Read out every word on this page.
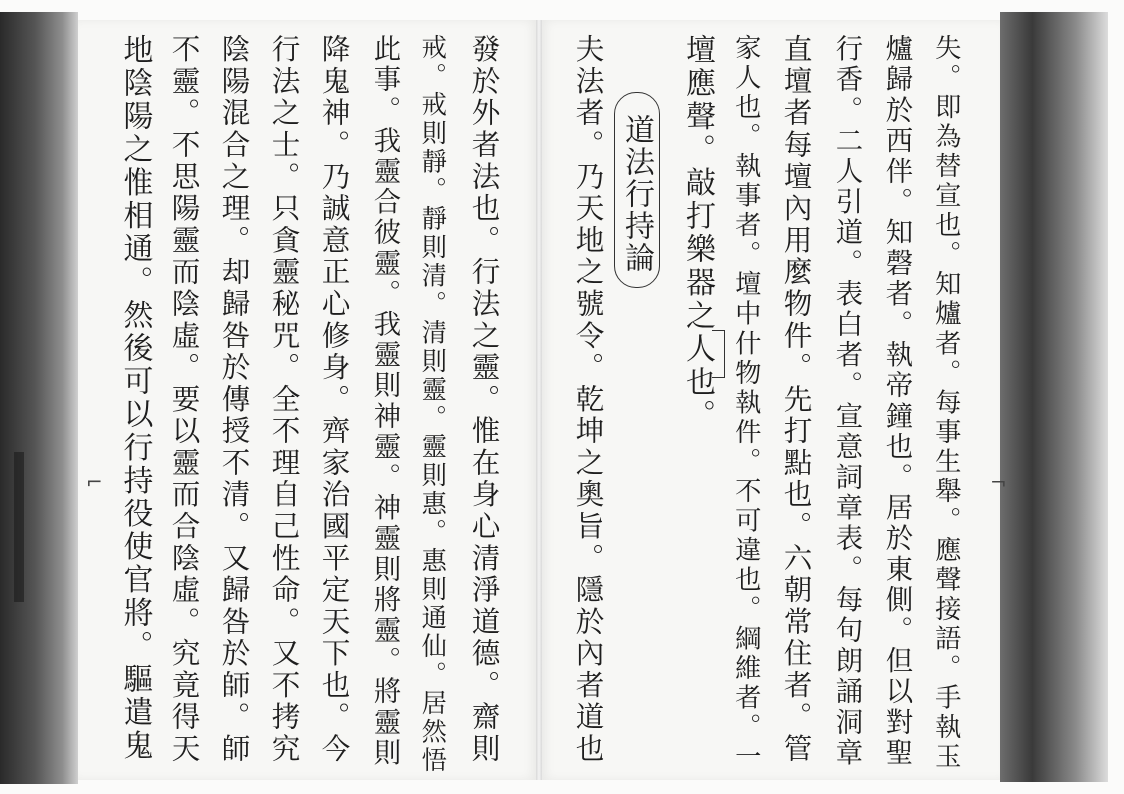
失。即為替宣也。知爐者。每事生舉。應聲接語。手執玉
爐歸於西伴。知磬者。執帝鐘也。居於東側。但以對聖
行香。二人引道。表白者。宣意詞章表。每句朗誦洞章
直壇者每壇內用麼物件。先打點也。六朝常住者。管
家人也。執事者。壇中什物執件。不可違也。綱維者。一
壇應聲。敲打樂器之人也。
道法行持論
夫法者。乃天地之號令。乾坤之奧旨。隱於內者道也
發於外者法也。行法之靈。惟在身心清淨道德。齋則
戒。戒則靜。靜則清。清則靈。靈則惠。惠則通仙。居然悟
此事。我靈合彼靈。我靈則神靈。神靈則將靈。將靈則
降鬼神。乃誠意正心修身。齊家治國平定天下也。今
行法之士。只貪靈秘咒。全不理自己性命。又不拷究
陰陽混合之理。却歸咎於傳授不清。又歸咎於師。師
不靈。不思陽靈而陰虛。要以靈而合陰虛。究竟得天
地陰陽之惟相通。然後可以行持役使官將。驅遣鬼
⌐	¬
